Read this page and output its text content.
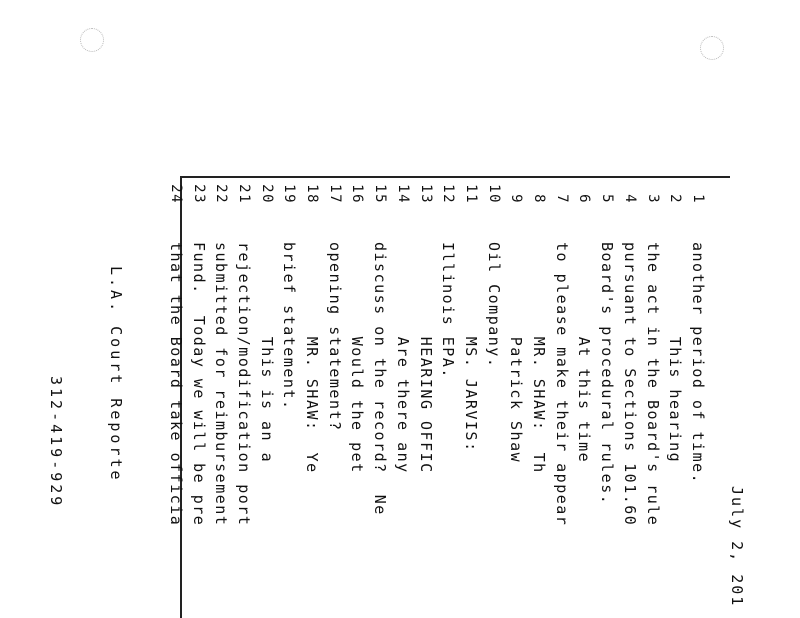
July 2, 201
1
another period of time.
2
This hearing
3
the act in the Board's rule
4
pursuant to Sections 101.60
5
Board's procedural rules.
6
At this time
7
to please make their appear
8
MR. SHAW:  Th
9
Patrick Shaw
10
Oil Company.
11
MS. JARVIS:
12
Illinois EPA.
13
HEARING OFFIC
14
Are there any
15
discuss on the record?  Ne
16
Would the pet
17
opening statement?
18
MR. SHAW:  Ye
19
brief statement.
20
This is an a
21
rejection/modification port
22
submitted for reimbursement
23
Fund.  Today we will be pre
24
that the Board take officia

L.A. Court Reporte

312-419-929
